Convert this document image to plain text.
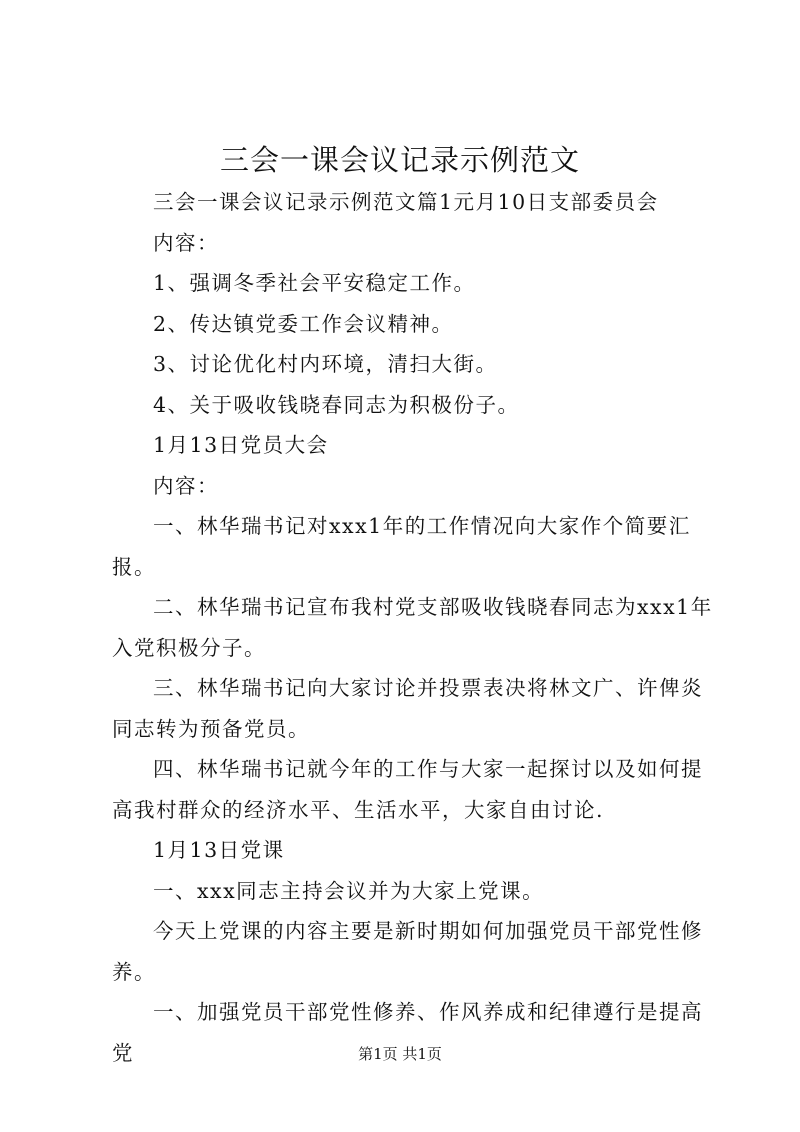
三会一课会议记录示例范文

三会一课会议记录示例范文篇1元月10日支部委员会

内容：

1、强调冬季社会平安稳定工作。

2、传达镇党委工作会议精神。

3、讨论优化村内环境，清扫大街。

4、关于吸收钱晓春同志为积极份子。

1月13日党员大会

内容：

一、林华瑞书记对xxx1年的工作情况向大家作个简要汇报。

二、林华瑞书记宣布我村党支部吸收钱晓春同志为xxx1年入党积极分子。

三、林华瑞书记向大家讨论并投票表决将林文广、许俾炎同志转为预备党员。

四、林华瑞书记就今年的工作与大家一起探讨以及如何提高我村群众的经济水平、生活水平，大家自由讨论.

1月13日党课

一、xxx同志主持会议并为大家上党课。

今天上党课的内容主要是新时期如何加强党员干部党性修养。

一、加强党员干部党性修养、作风养成和纪律遵行是提高党	第1页 共1页
